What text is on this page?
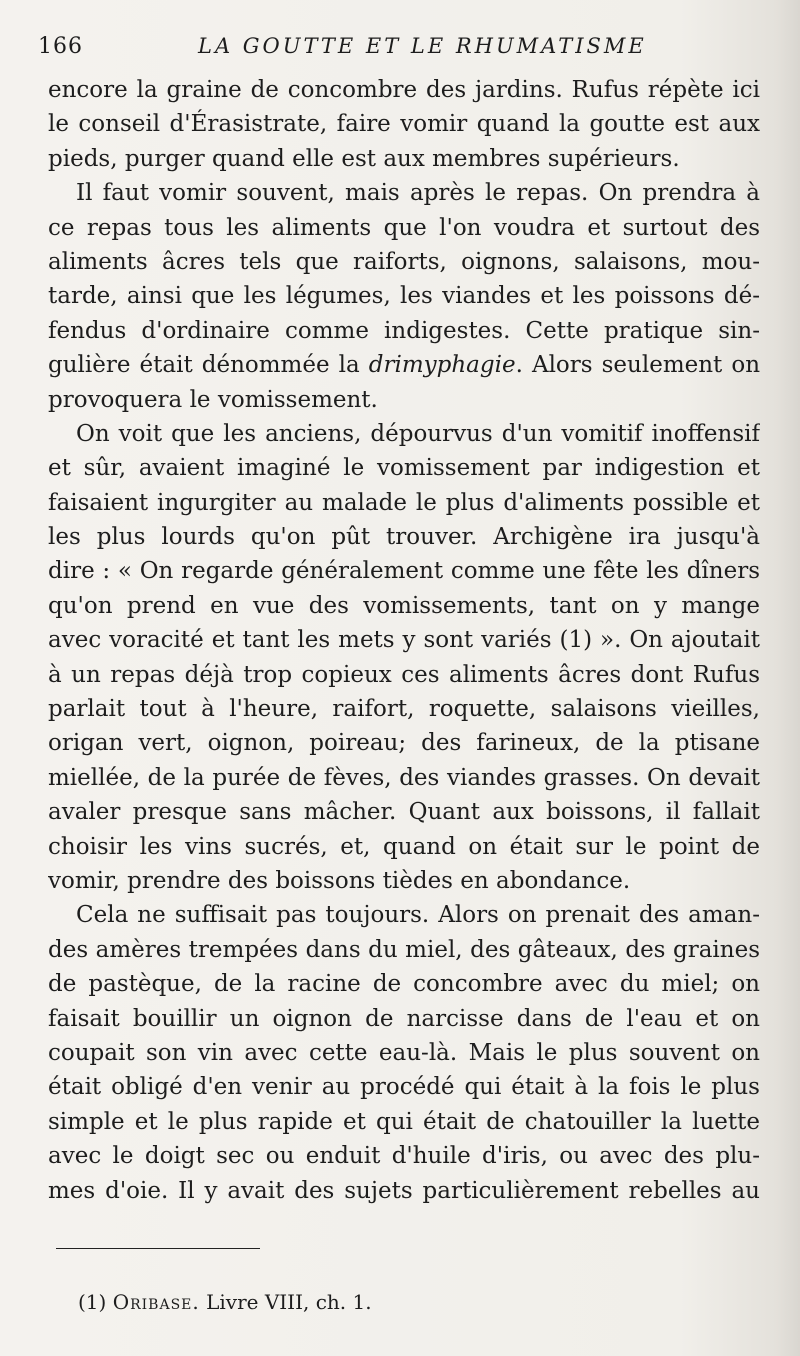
166	LA GOUTTE ET LE RHUMATISME
encore la graine de concombre des jardins. Rufus répète ici
le conseil d'Érasistrate, faire vomir quand la goutte est aux
pieds, purger quand elle est aux membres supérieurs.
Il faut vomir souvent, mais après le repas. On prendra à
ce repas tous les aliments que l'on voudra et surtout des
aliments âcres tels que raiforts, oignons, salaisons, mou-
tarde, ainsi que les légumes, les viandes et les poissons dé-
fendus d'ordinaire comme indigestes. Cette pratique sin-
gulière était dénommée la drimyphagie. Alors seulement on
provoquera le vomissement.
On voit que les anciens, dépourvus d'un vomitif inoffensif
et sûr, avaient imaginé le vomissement par indigestion et
faisaient ingurgiter au malade le plus d'aliments possible et
les plus lourds qu'on pût trouver. Archigène ira jusqu'à
dire : « On regarde généralement comme une fête les dîners
qu'on prend en vue des vomissements, tant on y mange
avec voracité et tant les mets y sont variés (1) ». On ajoutait
à un repas déjà trop copieux ces aliments âcres dont Rufus
parlait tout à l'heure, raifort, roquette, salaisons vieilles,
origan vert, oignon, poireau; des farineux, de la ptisane
miellée, de la purée de fèves, des viandes grasses. On devait
avaler presque sans mâcher. Quant aux boissons, il fallait
choisir les vins sucrés, et, quand on était sur le point de
vomir, prendre des boissons tièdes en abondance.
Cela ne suffisait pas toujours. Alors on prenait des aman-
des amères trempées dans du miel, des gâteaux, des graines
de pastèque, de la racine de concombre avec du miel; on
faisait bouillir un oignon de narcisse dans de l'eau et on
coupait son vin avec cette eau-là. Mais le plus souvent on
était obligé d'en venir au procédé qui était à la fois le plus
simple et le plus rapide et qui était de chatouiller la luette
avec le doigt sec ou enduit d'huile d'iris, ou avec des plu-
mes d'oie. Il y avait des sujets particulièrement rebelles au
(1) Oribase. Livre VIII, ch. 1.
